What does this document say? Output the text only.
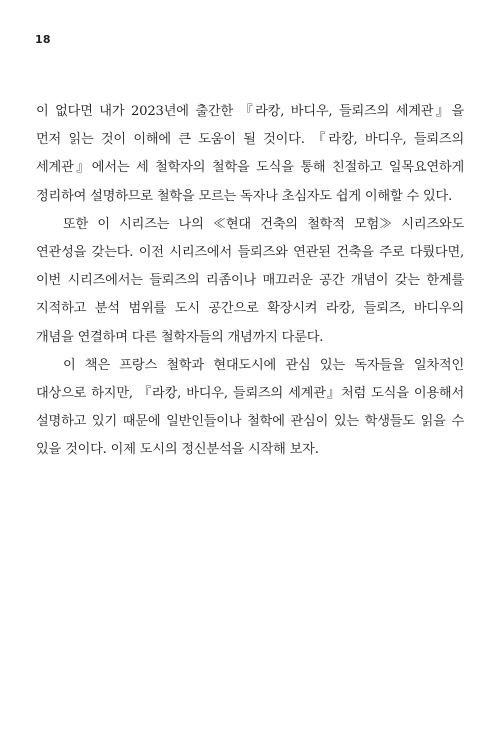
18

이 없다면 내가 2023년에 출간한 『라캉, 바디우, 들뢰즈의 세계관』을 먼저 읽는 것이 이해에 큰 도움이 될 것이다. 『라캉, 바디우, 들뢰즈의 세계관』에서는 세 철학자의 철학을 도식을 통해 친절하고 일목요연하게 정리하여 설명하므로 철학을 모르는 독자나 초심자도 쉽게 이해할 수 있다.

또한 이 시리즈는 나의 ≪현대 건축의 철학적 모험≫ 시리즈와도 연관성을 갖는다. 이전 시리즈에서 들뢰즈와 연관된 건축을 주로 다뤘다면, 이번 시리즈에서는 들뢰즈의 리좀이나 매끄러운 공간 개념이 갖는 한계를 지적하고 분석 범위를 도시 공간으로 확장시켜 라캉, 들뢰즈, 바디우의 개념을 연결하며 다른 철학자들의 개념까지 다룬다.

이 책은 프랑스 철학과 현대도시에 관심 있는 독자들을 일차적인 대상으로 하지만, 『라캉, 바디우, 들뢰즈의 세계관』처럼 도식을 이용해서 설명하고 있기 때문에 일반인들이나 철학에 관심이 있는 학생들도 읽을 수 있을 것이다. 이제 도시의 정신분석을 시작해 보자.
